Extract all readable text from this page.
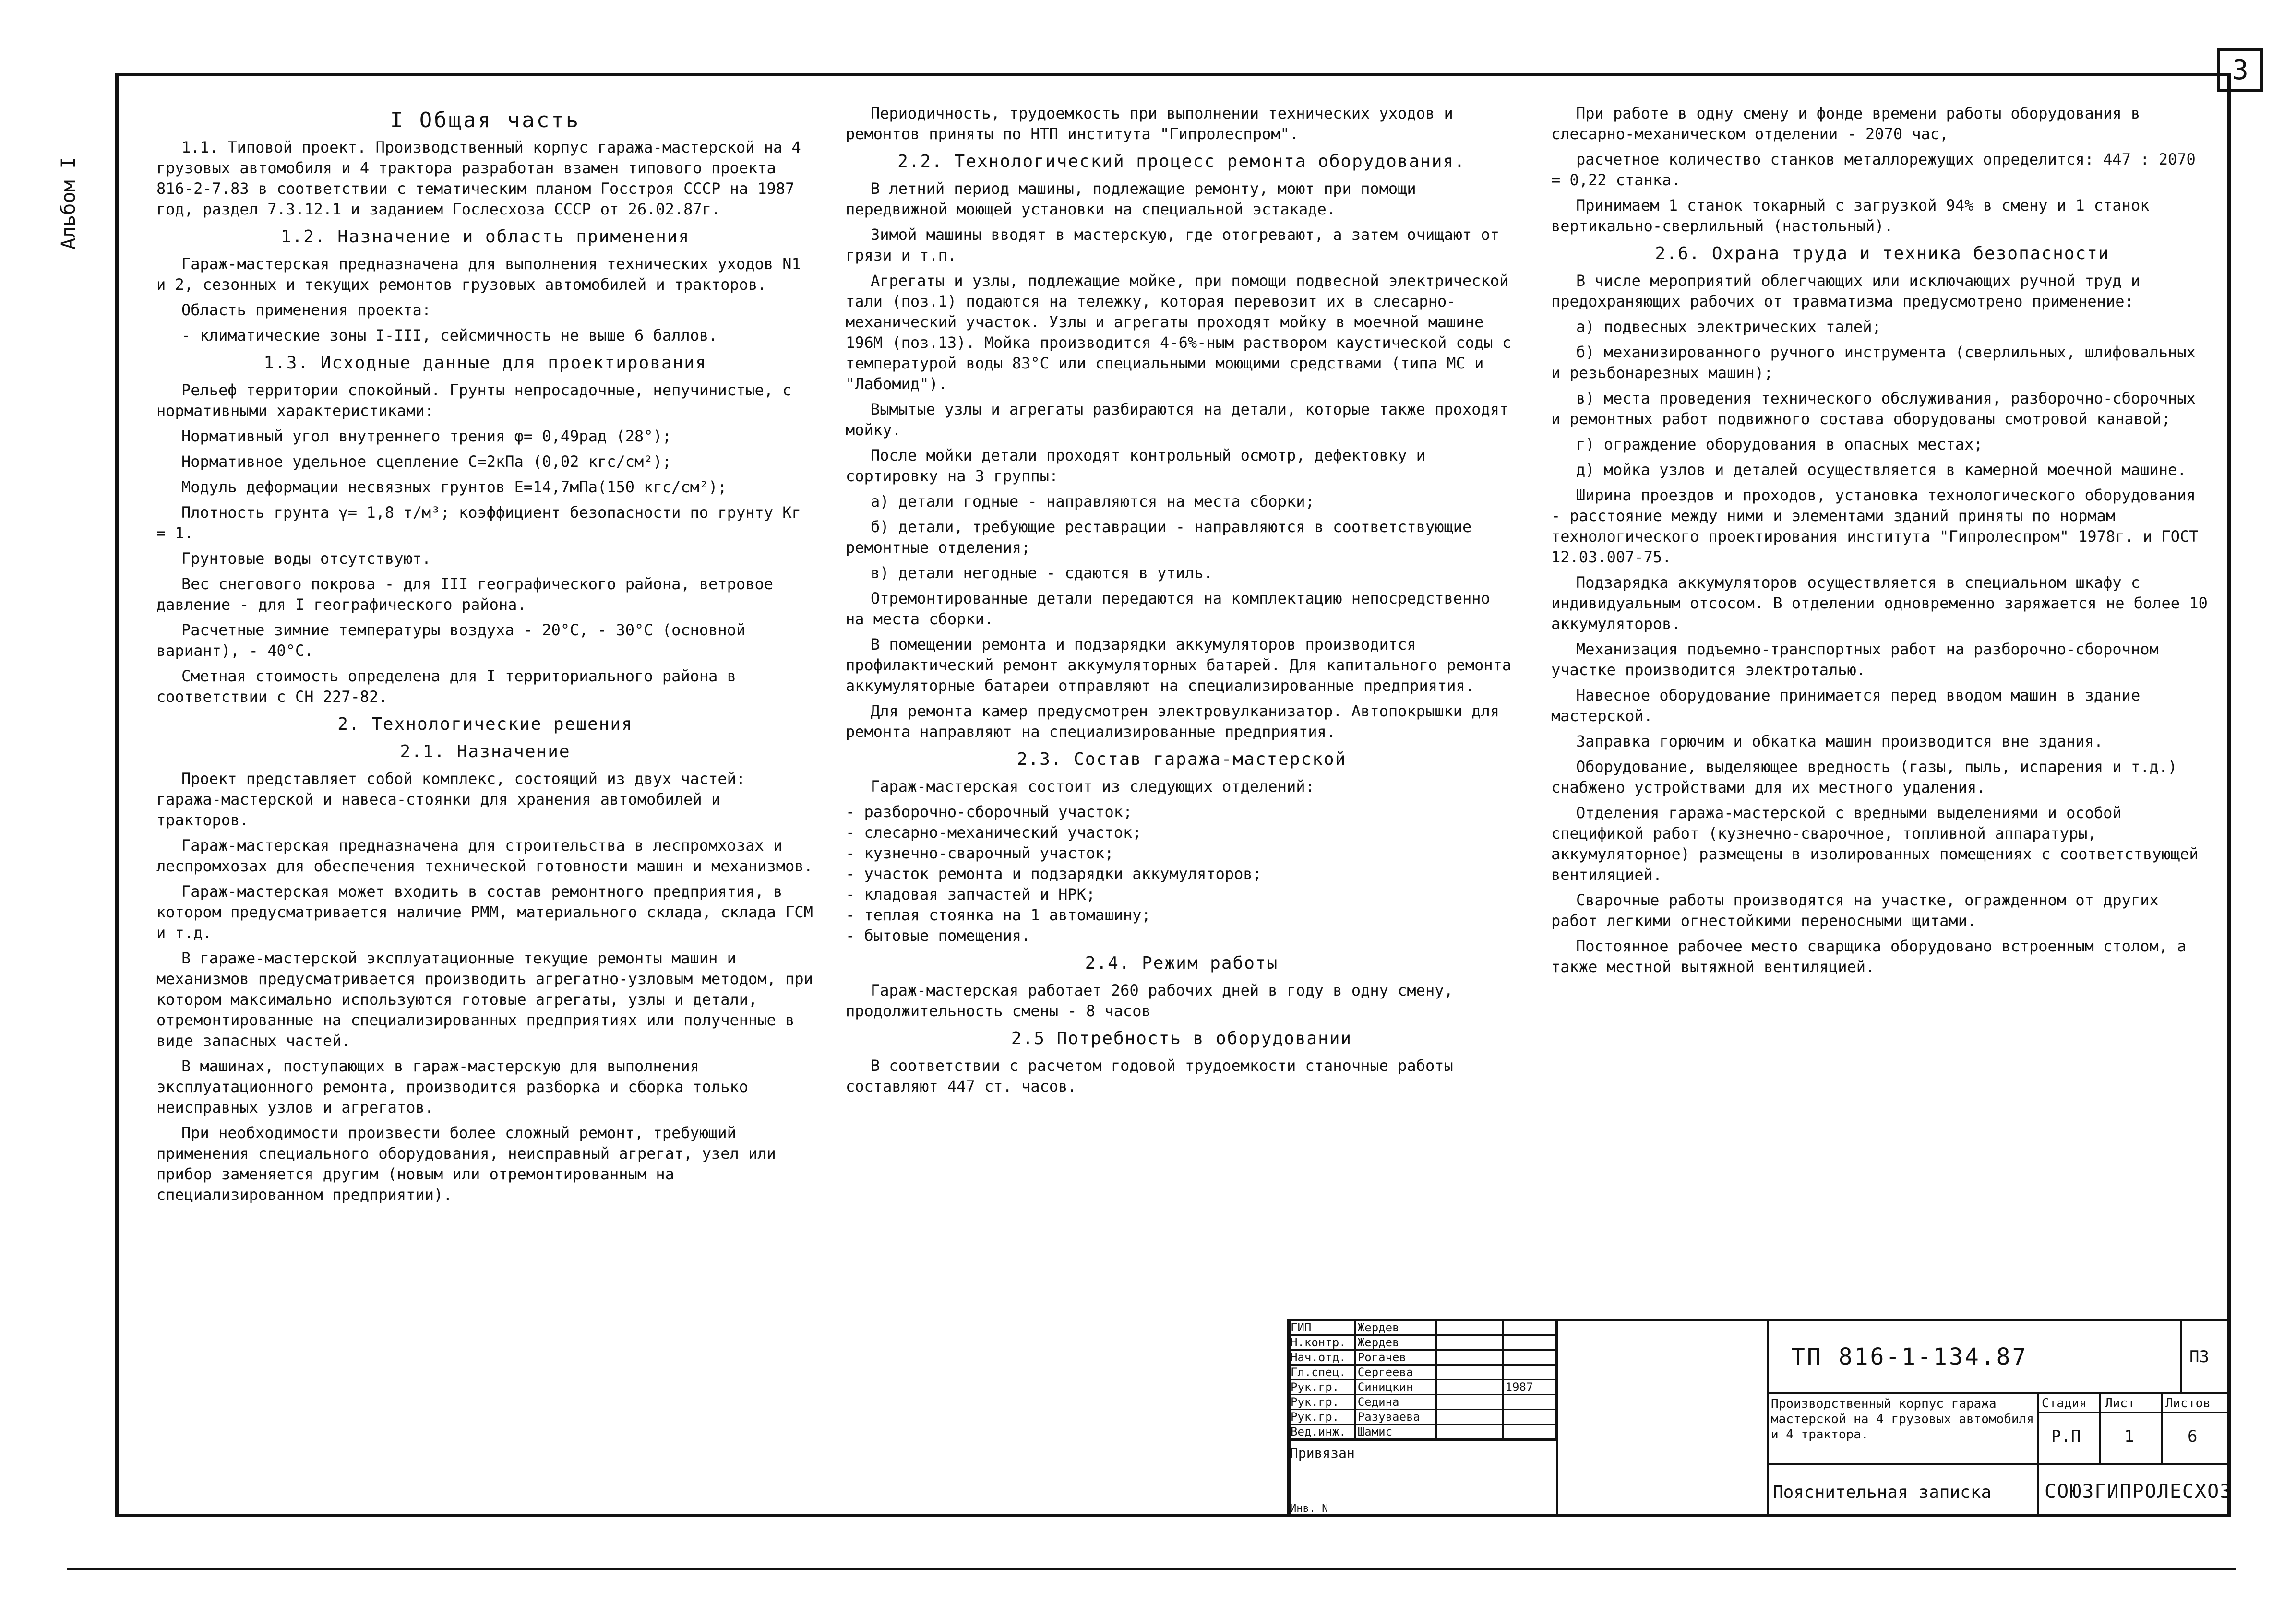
3
Альбом I
I Общая часть
1.1. Типовой проект. Производственный корпус гаража-мастерской на 4 грузовых автомобиля и 4 трактора разработан взамен типового проекта 816-2-7.83 в соответствии с тематическим планом Госстроя СССР на 1987 год, раздел 7.3.12.1 и заданием Гослесхоза СССР от 26.02.87г.
1.2. Назначение и область применения
Гараж-мастерская предназначена для выполнения технических уходов N1 и 2, сезонных и текущих ремонтов грузовых автомобилей и тракторов.
Область применения проекта:
- климатические зоны I-III, сейсмичность не выше 6 баллов.
1.3. Исходные данные для проектирования
Рельеф территории спокойный. Грунты непросадочные, непучинистые, с нормативными характеристиками:
Нормативный угол внутреннего трения φ= 0,49рад (28°);
Нормативное удельное сцепление С=2кПа (0,02 кгс/см²);
Модуль деформации несвязных грунтов Е=14,7мПа(150 кгс/см²);
Плотность грунта γ= 1,8 т/м³; коэффициент безопасности по грунту Кг = 1.
Грунтовые воды отсутствуют.
Вес снегового покрова - для III географического района, ветровое давление - для I географического района.
Расчетные зимние температуры воздуха - 20°С, - 30°С (основной вариант), - 40°С.
Сметная стоимость определена для I территориального района в соответствии с СН 227-82.
2. Технологические решения
2.1. Назначение
Проект представляет собой комплекс, состоящий из двух частей: гаража-мастерской и навеса-стоянки для хранения автомобилей и тракторов.
Гараж-мастерская предназначена для строительства в леспромхозах и леспромхозах для обеспечения технической готовности машин и механизмов.
Гараж-мастерская может входить в состав ремонтного предприятия, в котором предусматривается наличие РММ, материального склада, склада ГСМ и т.д.
В гараже-мастерской эксплуатационные текущие ремонты машин и механизмов предусматривается производить агрегатно-узловым методом, при котором максимально используются готовые агрегаты, узлы и детали, отремонтированные на специализированных предприятиях или полученные в виде запасных частей.
В машинах, поступающих в гараж-мастерскую для выполнения эксплуатационного ремонта, производится разборка и сборка только неисправных узлов и агрегатов.
При необходимости произвести более сложный ремонт, требующий применения специального оборудования, неисправный агрегат, узел или прибор заменяется другим (новым или отремонтированным на специализированном предприятии).
Периодичность, трудоемкость при выполнении технических уходов и ремонтов приняты по НТП института "Гипролеспром".
2.2. Технологический процесс ремонта оборудования.
В летний период машины, подлежащие ремонту, моют при помощи передвижной моющей установки на специальной эстакаде.
Зимой машины вводят в мастерскую, где отогревают, а затем очищают от грязи и т.п.
Агрегаты и узлы, подлежащие мойке, при помощи подвесной электрической тали (поз.1) подаются на тележку, которая перевозит их в слесарно-механический участок. Узлы и агрегаты проходят мойку в моечной машине 196М (поз.13). Мойка производится 4-6%-ным раствором каустической соды с температурой воды 83°С или специальными моющими средствами (типа МС и "Лабомид").
Вымытые узлы и агрегаты разбираются на детали, которые также проходят мойку.
После мойки детали проходят контрольный осмотр, дефектовку и сортировку на 3 группы:
а) детали годные - направляются на места сборки;
б) детали, требующие реставрации - направляются в соответствующие ремонтные отделения;
в) детали негодные - сдаются в утиль.
Отремонтированные детали передаются на комплектацию непосредственно на места сборки.
В помещении ремонта и подзарядки аккумуляторов производится профилактический ремонт аккумуляторных батарей. Для капитального ремонта аккумуляторные батареи отправляют на специализированные предприятия.
Для ремонта камер предусмотрен электровулканизатор. Автопокрышки для ремонта направляют на специализированные предприятия.
2.3. Состав гаража-мастерской
Гараж-мастерская состоит из следующих отделений:
- разборочно-сборочный участок;
- слесарно-механический участок;
- кузнечно-сварочный участок;
- участок ремонта и подзарядки аккумуляторов;
- кладовая запчастей и НРК;
- теплая стоянка на 1 автомашину;
- бытовые помещения.
2.4. Режим работы
Гараж-мастерская работает 260 рабочих дней в году в одну смену, продолжительность смены - 8 часов
2.5 Потребность в оборудовании
В соответствии с расчетом годовой трудоемкости станочные работы составляют 447 ст. часов.
При работе в одну смену и фонде времени работы оборудования в слесарно-механическом отделении - 2070 час,
расчетное количество станков металлорежущих определится: 447 : 2070 = 0,22 станка.
Принимаем 1 станок токарный с загрузкой 94% в смену и 1 станок вертикально-сверлильный (настольный).
2.6. Охрана труда и техника безопасности
В числе мероприятий облегчающих или исключающих ручной труд и предохраняющих рабочих от травматизма предусмотрено применение:
а) подвесных электрических талей;
б) механизированного ручного инструмента (сверлильных, шлифовальных и резьбонарезных машин);
в) места проведения технического обслуживания, разборочно-сборочных и ремонтных работ подвижного состава оборудованы смотровой канавой;
г) ограждение оборудования в опасных местах;
д) мойка узлов и деталей осуществляется в камерной моечной машине.
Ширина проездов и проходов, установка технологического оборудования - расстояние между ними и элементами зданий приняты по нормам технологического проектирования института "Гипролеспром" 1978г. и ГОСТ 12.03.007-75.
Подзарядка аккумуляторов осуществляется в специальном шкафу с индивидуальным отсосом. В отделении одновременно заряжается не более 10 аккумуляторов.
Механизация подъемно-транспортных работ на разборочно-сборочном участке производится электроталью.
Навесное оборудование принимается перед вводом машин в здание мастерской.
Заправка горючим и обкатка машин производится вне здания.
Оборудование, выделяющее вредность (газы, пыль, испарения и т.д.) снабжено устройствами для их местного удаления.
Отделения гаража-мастерской с вредными выделениями и особой спецификой работ (кузнечно-сварочное, топливной аппаратуры, аккумуляторное) размещены в изолированных помещениях с соответствующей вентиляцией.
Сварочные работы производятся на участке, огражденном от других работ легкими огнестойкими переносными щитами.
Постоянное рабочее место сварщика оборудовано встроенным столом, а также местной вытяжной вентиляцией.
ГИП	Жердев		
Н.контр.	Жердев		
Нач.отд.	Рогачев		
Гл.спец.	Сергеева		
Рук.гр.	Синицкин		1987
Рук.гр.	Седина		
Рук.гр.	Разуваева		
Вед.инж.	Шамис		
Привязан
Инв. N
ТП 816-1-134.87	ПЗ
Производственный корпус гаража мастерской на 4 грузовых автомобиля и 4 трактора.
Стадия Лист Листов
Р.П	1	6
Пояснительная записка	СОЮЗГИПРОЛЕСХОЗ
